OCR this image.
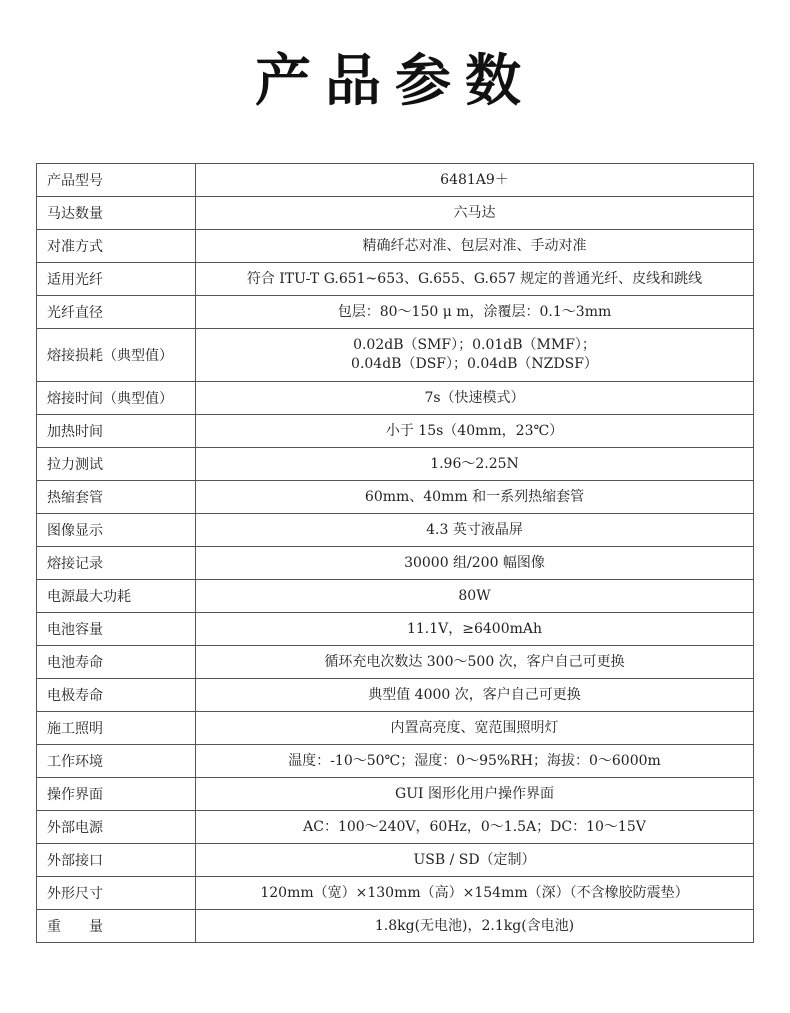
产品参数
产品型号	6481A9＋
马达数量	六马达
对准方式	精确纤芯对准、包层对准、手动对准
适用光纤	符合 ITU-T G.651~653、G.655、G.657 规定的普通光纤、皮线和跳线
光纤直径	包层：80～150 μ m，涂覆层：0.1～3mm
熔接损耗（典型值）	0.02dB（SMF）；0.01dB（MMF）；
0.04dB（DSF）；0.04dB（NZDSF）

熔接时间（典型值）	7s（快速模式）
加热时间	小于 15s（40mm，23℃）
拉力测试	1.96～2.25N
热缩套管	60mm、40mm 和一系列热缩套管
图像显示	4.3 英寸液晶屏
熔接记录	30000 组/200 幅图像
电源最大功耗	80W
电池容量	11.1V，≥6400mAh
电池寿命	循环充电次数达 300～500 次，客户自己可更换
电极寿命	典型值 4000 次，客户自己可更换
施工照明	内置高亮度、宽范围照明灯
工作环境	温度：-10～50℃；湿度：0～95%RH；海拔：0～6000m
操作界面	GUI 图形化用户操作界面
外部电源	AC：100～240V，60Hz，0～1.5A；DC：10～15V
外部接口	USB / SD（定制）
外形尺寸	120mm（宽）×130mm（高）×154mm（深）（不含橡胶防震垫）
重　　量	1.8kg(无电池)，2.1kg(含电池)
